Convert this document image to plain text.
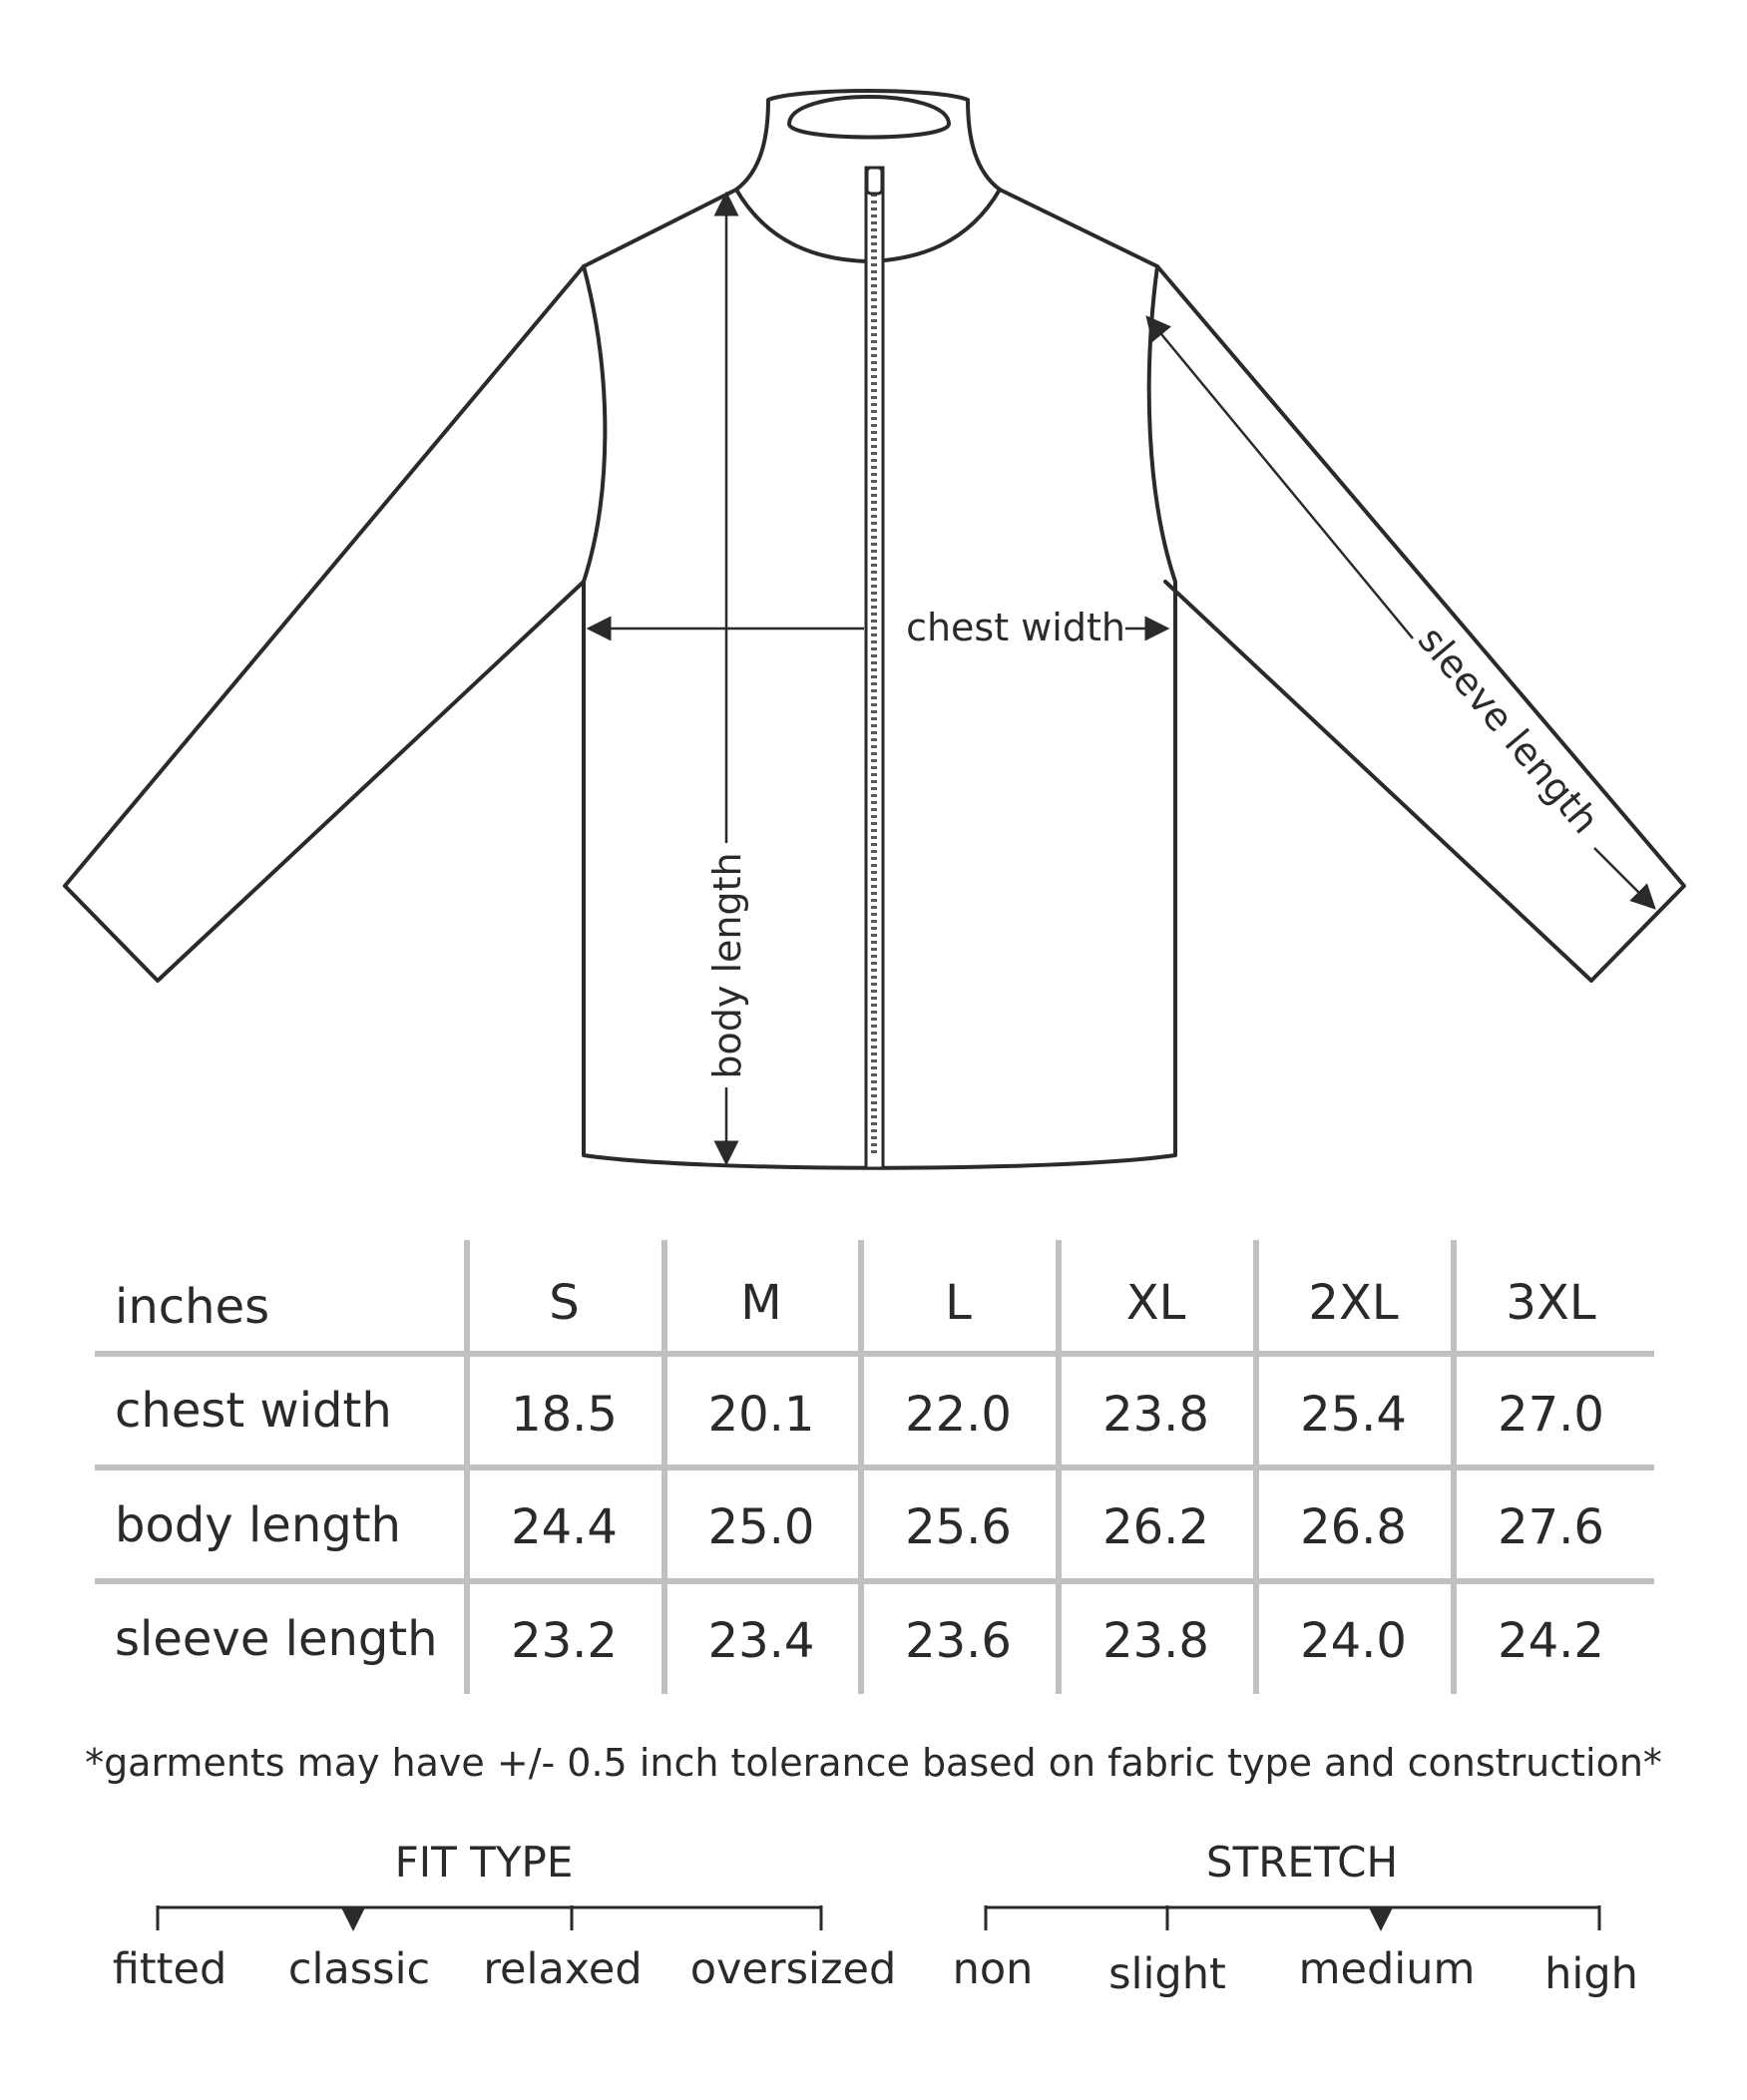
chest width
body length
sleeve length
inches	S	M	L	XL	2XL	3XL
chest width	18.5	20.1	22.0	23.8	25.4	27.0
body length	24.4	25.0	25.6	26.2	26.8	27.6
sleeve length	23.2	23.4	23.6	23.8	24.0	24.2
*garments may have +/- 0.5 inch tolerance based on fabric type and construction*
FIT TYPE	STRETCH
fitted	classic relaxed oversized	non	slight	medium	high
